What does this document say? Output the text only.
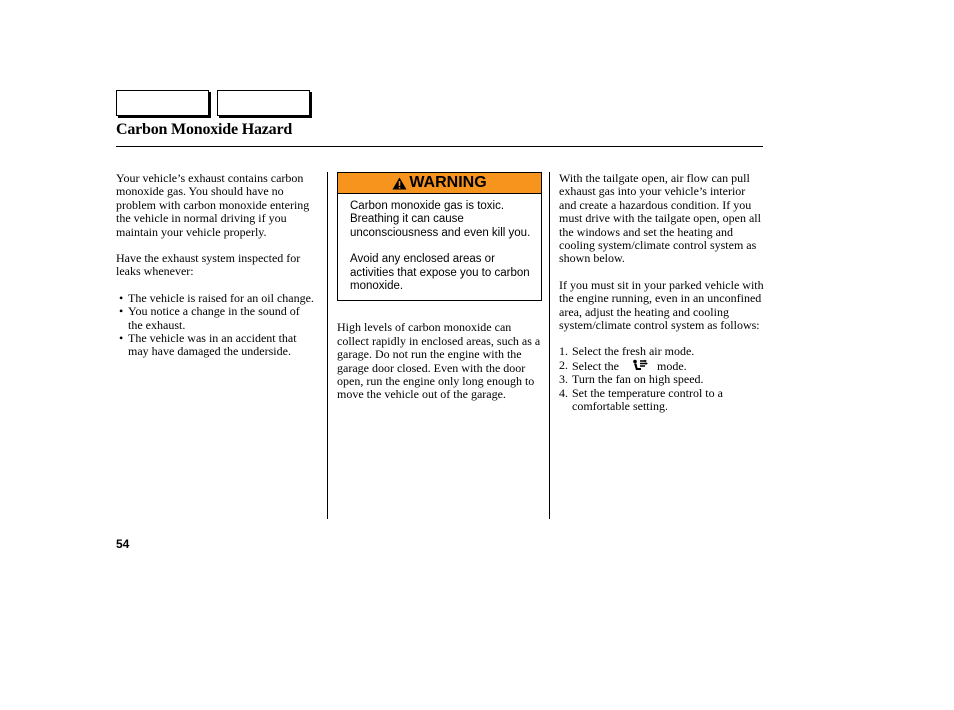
Carbon Monoxide Hazard

Your vehicle’s exhaust contains carbon monoxide gas. You should have no problem with carbon monoxide entering the vehicle in normal driving if you maintain your vehicle properly.

Have the exhaust system inspected for leaks whenever:

• The vehicle is raised for an oil change.
• You notice a change in the sound of the exhaust.
• The vehicle was in an accident that may have damaged the underside.
WARNING

Carbon monoxide gas is toxic. Breathing it can cause unconsciousness and even kill you.

Avoid any enclosed areas or activities that expose you to carbon monoxide.

High levels of carbon monoxide can collect rapidly in enclosed areas, such as a garage. Do not run the engine with the garage door closed. Even with the door open, run the engine only long enough to move the vehicle out of the garage.

With the tailgate open, air flow can pull exhaust gas into your vehicle’s interior and create a hazardous condition. If you must drive with the tailgate open, open all the windows and set the heating and cooling system/climate control system as shown below.

If you must sit in your parked vehicle with the engine running, even in an unconfined area, adjust the heating and cooling system/climate control system as follows:

1. Select the fresh air mode.
2. Select the	mode.
3. Turn the fan on high speed.
4. Set the temperature control to a comfortable setting.
54
